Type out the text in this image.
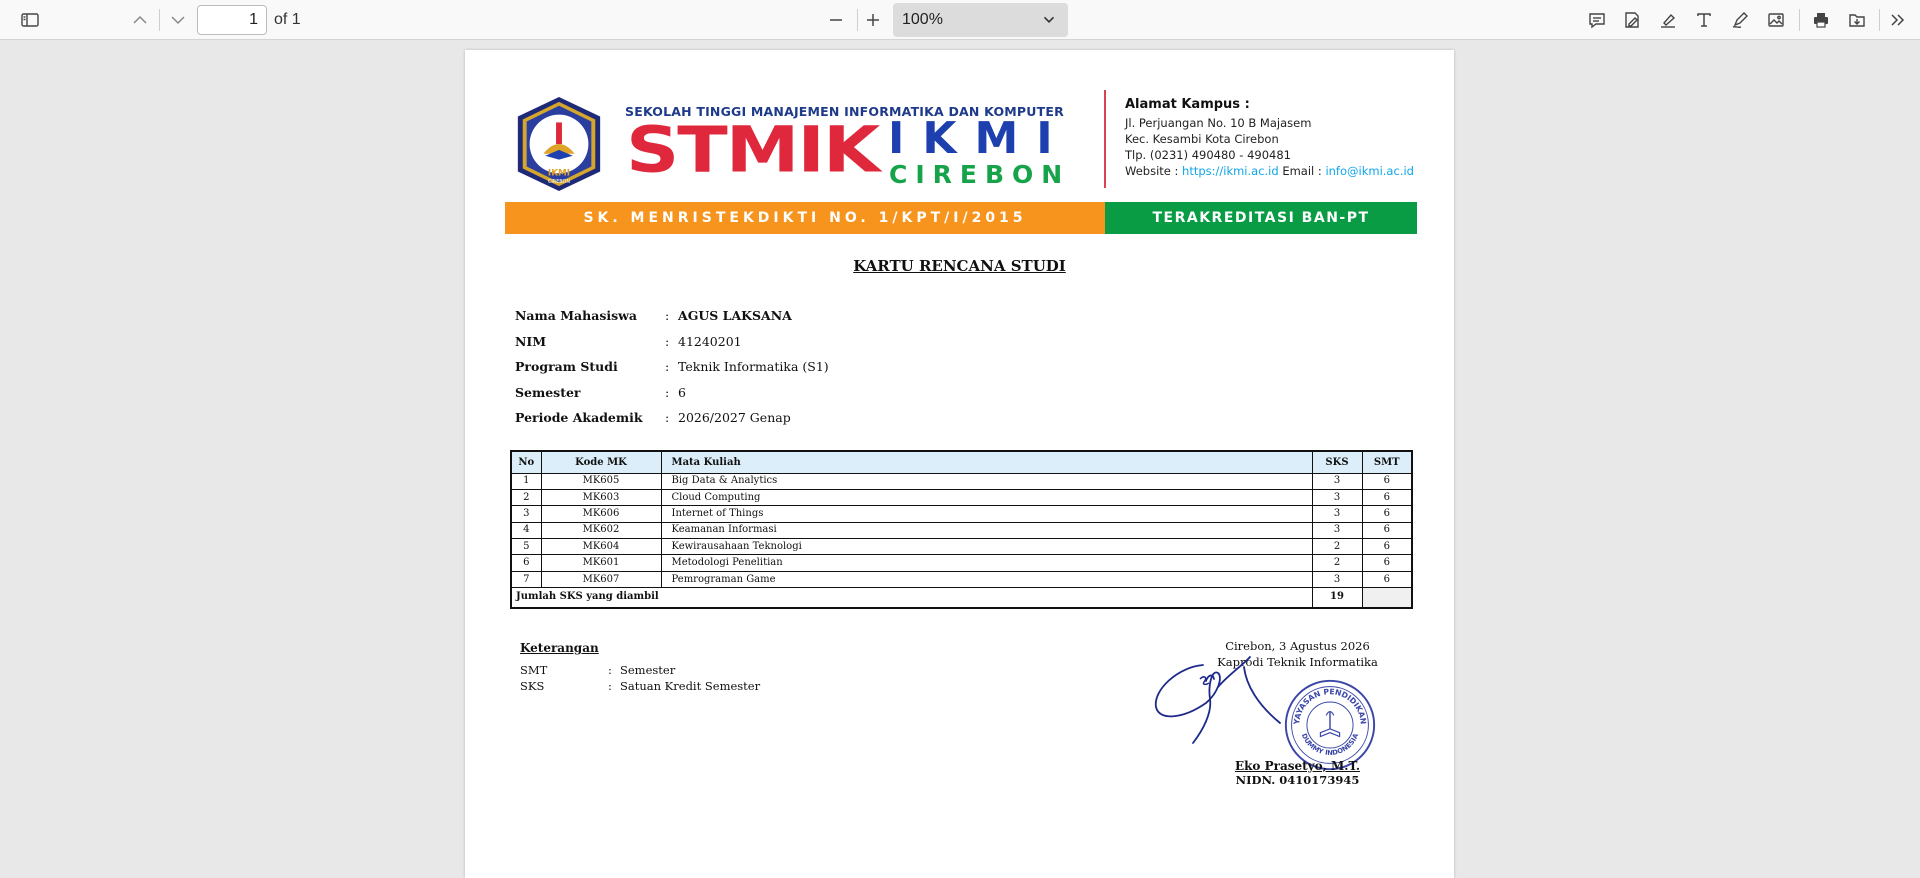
1	of 1	100%
IKMI
CIREBON
SEKOLAH TINGGI MANAJEMEN INFORMATIKA DAN KOMPUTER
STMIK IKMI
CIREBON
Alamat Kampus :
Jl. Perjuangan No. 10 B Majasem
Kec. Kesambi Kota Cirebon
Tlp. (0231) 490480 - 490481
Website : https://ikmi.ac.id Email : info@ikmi.ac.id
SK. MENRISTEKDIKTI NO. 1/KPT/I/2015	TERAKREDITASI BAN-PT
KARTU RENCANA STUDI
Nama Mahasiswa : AGUS LAKSANA
NIM	: 41240201
Program Studi	: Teknik Informatika (S1)
Semester	: 6
Periode Akademik : 2026/2027 Genap
No	Kode MK	Mata Kuliah	SKS	SMT
1	MK605	Big Data & Analytics	3	6
2	MK603	Cloud Computing	3	6
3	MK606	Internet of Things	3	6
4	MK602	Keamanan Informasi	3	6
5	MK604	Kewirausahaan Teknologi	2	6
6	MK601	Metodologi Penelitian	2	6
7	MK607	Pemrograman Game	3	6
Jumlah SKS yang diambil			19	
Keterangan
SMT	: Semester
SKS	: Satuan Kredit Semester
Cirebon, 3 Agustus 2026
Kaprodi Teknik Informatika
YAYASAN PENDIDIKAN
DUMMY INDONESIA
Eko Prasetyo, M.T.
NIDN. 0410173945
